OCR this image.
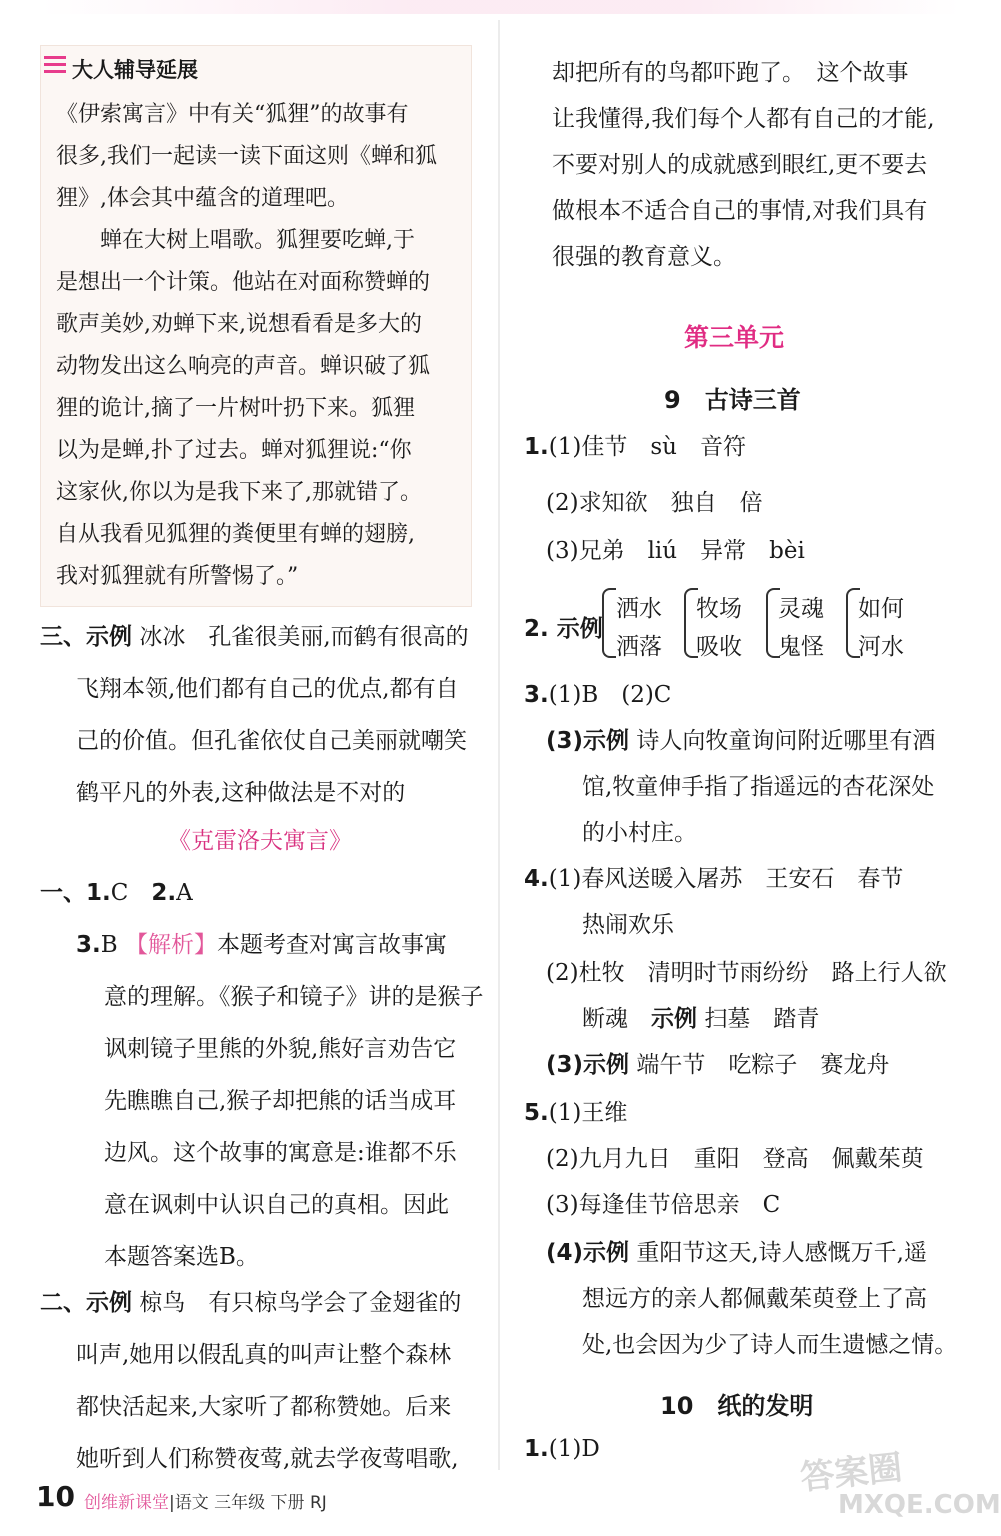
大人辅导延展
《伊索寓言》中有关“狐狸”的故事有
很多,我们一起读一读下面这则《蝉和狐
狸》,体会其中蕴含的道理吧。
　　蝉在大树上唱歌。狐狸要吃蝉,于
是想出一个计策。他站在对面称赞蝉的
歌声美妙,劝蝉下来,说想看看是多大的
动物发出这么响亮的声音。蝉识破了狐
狸的诡计,摘了一片树叶扔下来。狐狸
以为是蝉,扑了过去。蝉对狐狸说:“你
这家伙,你以为是我下来了,那就错了。
自从我看见狐狸的粪便里有蝉的翅膀,
我对狐狸就有所警惕了。”
三、示例 冰冰　孔雀很美丽,而鹤有很高的
飞翔本领,他们都有自己的优点,都有自
己的价值。但孔雀依仗自己美丽就嘲笑
鹤平凡的外表,这种做法是不对的
《克雷洛夫寓言》
一、1.C　2.A
3.B 【解析】本题考查对寓言故事寓
意的理解。《猴子和镜子》讲的是猴子
讽刺镜子里熊的外貌,熊好言劝告它
先瞧瞧自己,猴子却把熊的话当成耳
边风。这个故事的寓意是:谁都不乐
意在讽刺中认识自己的真相。因此
本题答案选B。
二、示例 椋鸟　有只椋鸟学会了金翅雀的
叫声,她用以假乱真的叫声让整个森林
都快活起来,大家听了都称赞她。后来
她听到人们称赞夜莺,就去学夜莺唱歌,
却把所有的鸟都吓跑了。　这个故事
让我懂得,我们每个人都有自己的才能,
不要对别人的成就感到眼红,更不要去
做根本不适合自己的事情,对我们具有
很强的教育意义。
第三单元
9　古诗三首
1.(1)佳节　sù　音符
(2)求知欲　独自　倍
(3)兄弟　liú　异常　bèi
2. 示例
洒水
洒落
牧场
吸收
灵魂
鬼怪
如何
河水
3.(1)B　(2)C
(3)示例 诗人向牧童询问附近哪里有酒
馆,牧童伸手指了指遥远的杏花深处
的小村庄。
4.(1)春风送暖入屠苏　王安石　春节
热闹欢乐
(2)杜牧　清明时节雨纷纷　路上行人欲
断魂　示例 扫墓　踏青
(3)示例 端午节　吃粽子　赛龙舟
5.(1)王维
(2)九月九日　重阳　登高　佩戴茱萸
(3)每逢佳节倍思亲　C
(4)示例 重阳节这天,诗人感慨万千,遥
想远方的亲人都佩戴茱萸登上了高
处,也会因为少了诗人而生遗憾之情。
10　纸的发明
1.(1)D
10 创维新课堂|语文 三年级 下册 RJ
答案圈
MXQE.COM
